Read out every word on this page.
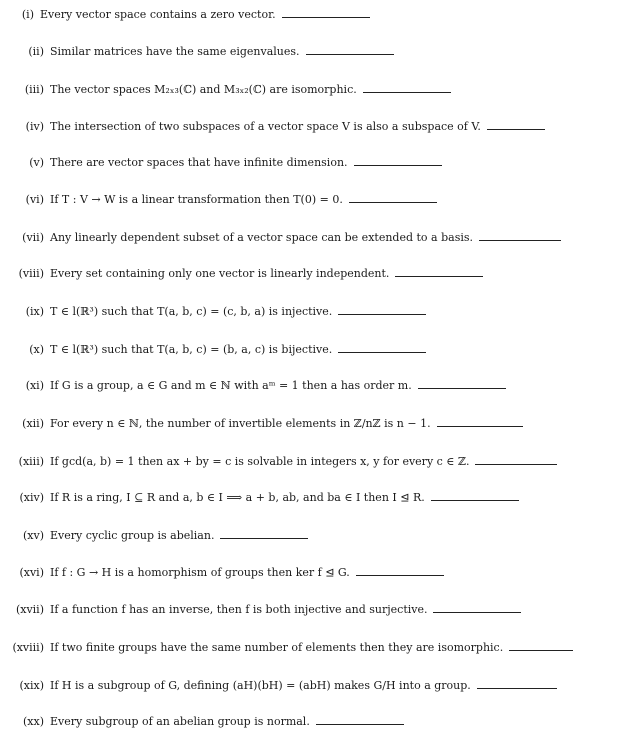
(i) Every vector space contains a zero vector.
(ii) Similar matrices have the same eigenvalues.
(iii) The vector spaces M₂ₓ₃(ℂ) and M₃ₓ₂(ℂ) are isomorphic.
(iv) The intersection of two subspaces of a vector space V is also a subspace of V.
(v) There are vector spaces that have infinite dimension.
(vi) If T : V → W is a linear transformation then T(0) = 0.
(vii) Any linearly dependent subset of a vector space can be extended to a basis.
(viii) Every set containing only one vector is linearly independent.
(ix) T ∈ l(ℝ³) such that T(a, b, c) = (c, b, a) is injective.
(x) T ∈ l(ℝ³) such that T(a, b, c) = (b, a, c) is bijective.
(xi) If G is a group, a ∈ G and m ∈ ℕ with aᵐ = 1 then a has order m.
(xii) For every n ∈ ℕ, the number of invertible elements in ℤ/nℤ is n − 1.
(xiii) If gcd(a, b) = 1 then ax + by = c is solvable in integers x, y for every c ∈ ℤ.
(xiv) If R is a ring, I ⊆ R and a, b ∈ I ⟹ a + b, ab, and ba ∈ I then I ⊴ R.
(xv) Every cyclic group is abelian.
(xvi) If f : G → H is a homorphism of groups then ker f ⊴ G.
(xvii) If a function f has an inverse, then f is both injective and surjective.
(xviii) If two finite groups have the same number of elements then they are isomorphic.
(xix) If H is a subgroup of G, defining (aH)(bH) = (abH) makes G/H into a group.
(xx) Every subgroup of an abelian group is normal.
